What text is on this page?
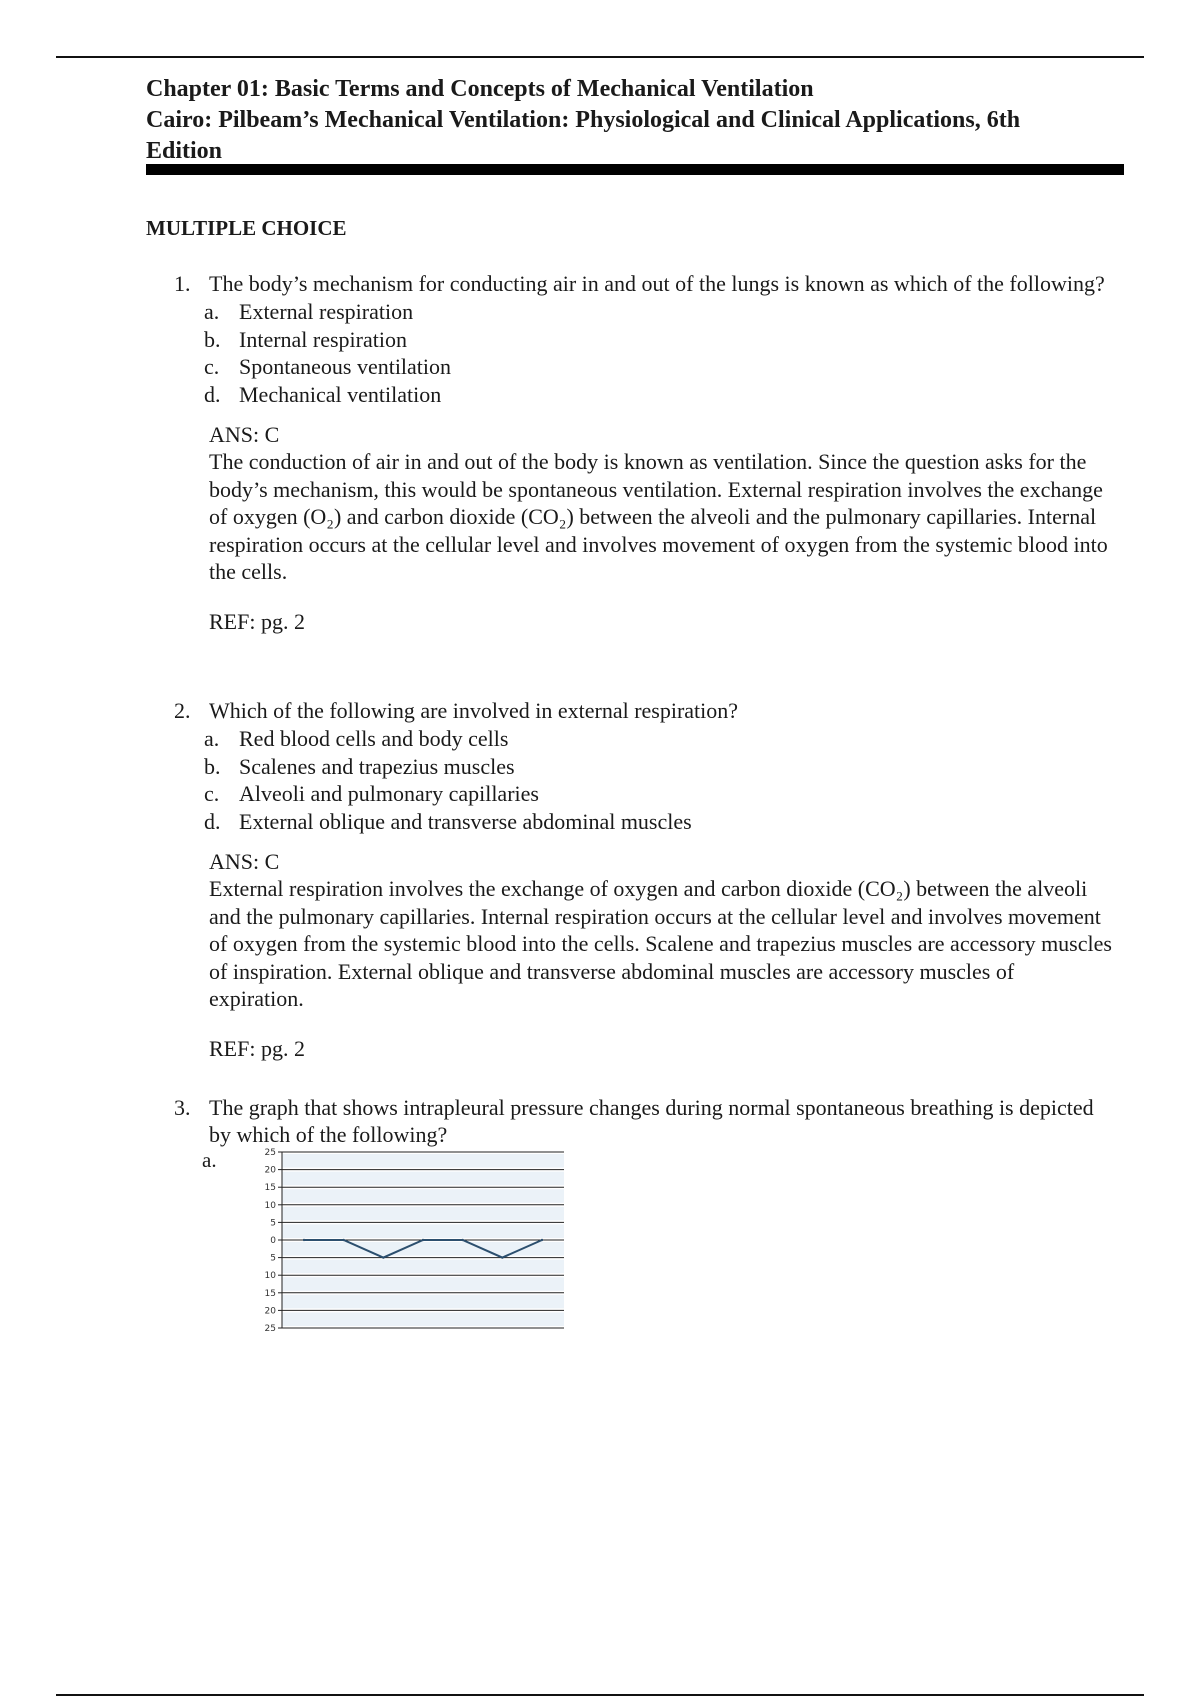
Chapter 01: Basic Terms and Concepts of Mechanical Ventilation
Cairo: Pilbeam’s Mechanical Ventilation: Physiological and Clinical Applications, 6th
Edition
MULTIPLE CHOICE
1. The body’s mechanism for conducting air in and out of the lungs is known as which of the following?
a. External respiration
b. Internal respiration
c. Spontaneous ventilation
d. Mechanical ventilation
ANS: C
The conduction of air in and out of the body is known as ventilation. Since the question asks for the body’s mechanism, this would be spontaneous ventilation. External respiration involves the exchange of oxygen (O₂) and carbon dioxide (CO₂) between the alveoli and the pulmonary capillaries. Internal respiration occurs at the cellular level and involves movement of oxygen from the systemic blood into the cells.
REF: pg. 2
2. Which of the following are involved in external respiration?
a. Red blood cells and body cells
b. Scalenes and trapezius muscles
c. Alveoli and pulmonary capillaries
d. External oblique and transverse abdominal muscles
ANS: C
External respiration involves the exchange of oxygen and carbon dioxide (CO₂) between the alveoli and the pulmonary capillaries. Internal respiration occurs at the cellular level and involves movement of oxygen from the systemic blood into the cells. Scalene and trapezius muscles are accessory muscles of inspiration. External oblique and transverse abdominal muscles are accessory muscles of expiration.
REF: pg. 2
3. The graph that shows intrapleural pressure changes during normal spontaneous breathing is depicted by which of the following?
a.	25
20
15
10
5
0
5
10
15
20
25
